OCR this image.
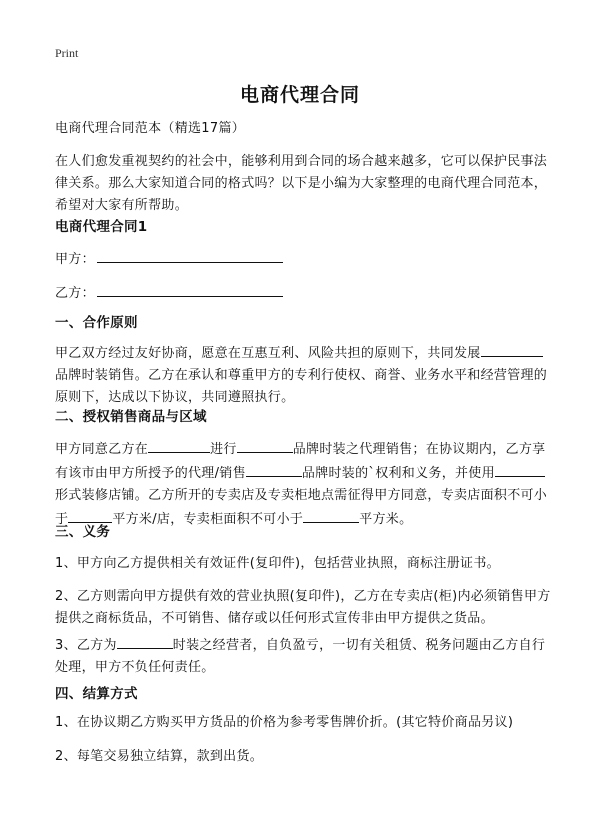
Print
电商代理合同
电商代理合同范本（精选17篇）
在人们愈发重视契约的社会中，能够利用到合同的场合越来越多，它可以保护民事法律关系。那么大家知道合同的格式吗？以下是小编为大家整理的电商代理合同范本，希望对大家有所帮助。
电商代理合同1
甲方：
乙方：
一、合作原则
甲乙双方经过友好协商，愿意在互惠互利、风险共担的原则下，共同发展品牌时装销售。乙方在承认和尊重甲方的专利行使权、商誉、业务水平和经营管理的原则下，达成以下协议，共同遵照执行。
二、授权销售商品与区域
甲方同意乙方在	进行	品牌时装之代理销售；在协议期内，乙方享有该市由甲方所授予的代理/销售	品牌时装的`权利和义务，并使用形式装修店铺。乙方所开的专卖店及专卖柜地点需征得甲方同意，专卖店面积不可小于	平方米/店，专卖柜面积不可小于	平方米。
三、义务
1、甲方向乙方提供相关有效证件(复印件)，包括营业执照，商标注册证书。
2、乙方则需向甲方提供有效的营业执照(复印件)，乙方在专卖店(柜)内必须销售甲方提供之商标货品，不可销售、储存或以任何形式宣传非由甲方提供之货品。
3、乙方为	时装之经营者，自负盈亏，一切有关租赁、税务问题由乙方自行处理，甲方不负任何责任。
四、结算方式
1、在协议期乙方购买甲方货品的价格为参考零售牌价折。(其它特价商品另议)
2、每笔交易独立结算，款到出货。
